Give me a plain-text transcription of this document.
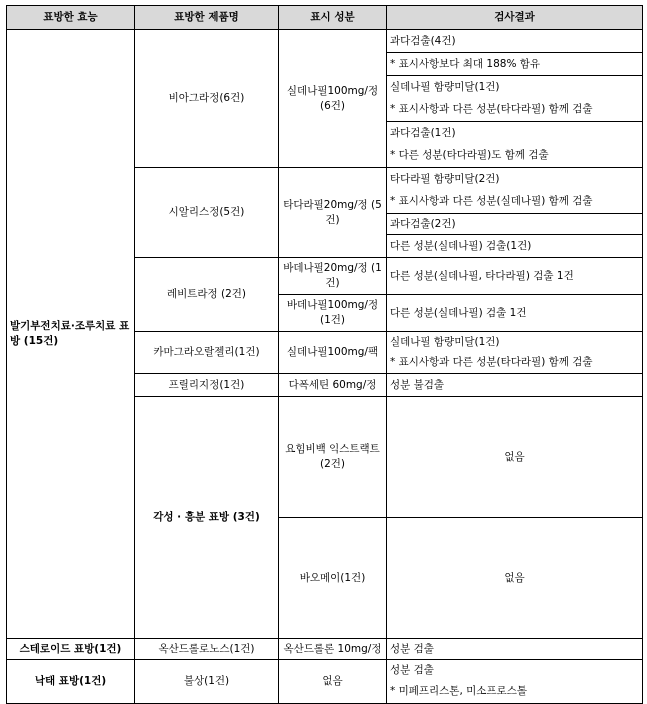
표방한 효능	표방한 제품명	표시 성분	검사결과	
발기부전치료·조루치료 표방 (15건)	비아그라정(6건)	실데나필100mg/정 (6건)	과다검출(4건)	
			* 표시사항보다 최대 188% 함유	
			실데나필 함량미달(1건)	
			* 표시사항과 다른 성분(타다라필) 함께 검출	
			과다검출(1건)	
			* 다른 성분(타다라필)도 함께 검출	
	시알리스정(5건)	타다라필20mg/정 (5건)	타다라필 함량미달(2건)	
			* 표시사항과 다른 성분(실데나필) 함께 검출	
			과다검출(2건)	
			다른 성분(실데나필) 검출(1건)	
	레비트라정 (2건)	바데나필20mg/정 (1건)	다른 성분(실데나필, 타다라필) 검출 1건	
		바데나필100mg/정 (1건)	다른 성분(실데나필) 검출 1건	
	카마그라오랄젤리(1건)	실데나필100mg/팩	실데나필 함량미달(1건)	
			* 표시사항과 다른 성분(타다라필) 함께 검출	
	프릴리지정(1건)	다폭세틴 60mg/정	성분 불검출	
	각성 · 흥분 표방 (3건)	요힘비백 익스트랙트 (2건)	없음	
		바오메이(1건)	없음	
스테로이드 표방(1건)	옥산드롤로노스(1건)	옥산드롤론 10mg/정	성분 검출	
낙태 표방(1건)	불상(1건)	없음	성분 검출	
			* 미페프리스톤, 미소프로스톨	
